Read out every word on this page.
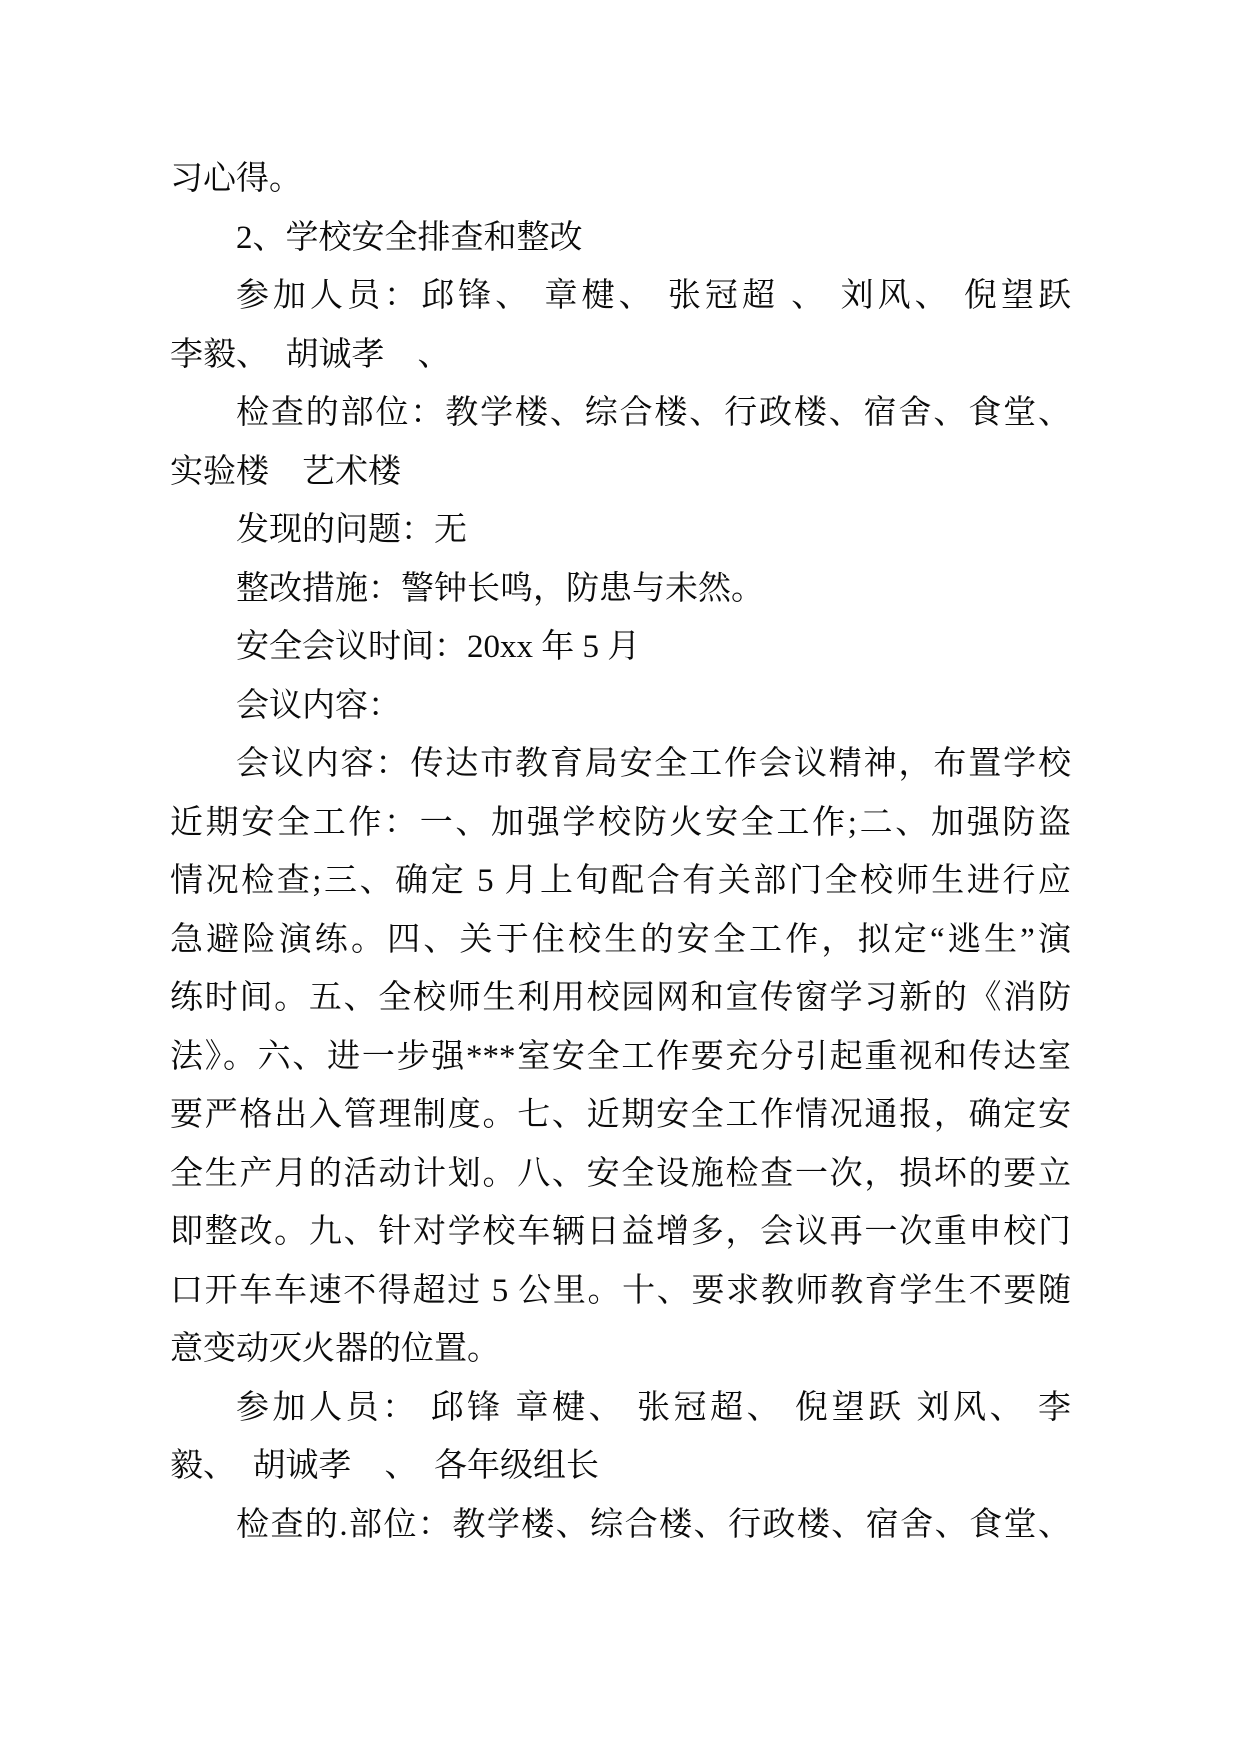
习心得。
2、学校安全排查和整改
参加人员：邱锋、 章楗、 张冠超 、 刘风、 倪望跃
李毅、　胡诚孝　、
检查的部位：教学楼、综合楼、行政楼、宿舍、食堂、
实验楼　艺术楼
发现的问题：无
整改措施：警钟长鸣，防患与未然。
安全会议时间：20xx 年 5 月
会议内容：
会议内容：传达市教育局安全工作会议精神，布置学校
近期安全工作：一、加强学校防火安全工作;二、加强防盗
情况检查;三、确定 5 月上旬配合有关部门全校师生进行应
急避险演练。四、关于住校生的安全工作，拟定“逃生”演
练时间。五、全校师生利用校园网和宣传窗学习新的《消防
法》。六、进一步强***室安全工作要充分引起重视和传达室
要严格出入管理制度。七、近期安全工作情况通报，确定安
全生产月的活动计划。八、安全设施检查一次，损坏的要立
即整改。九、针对学校车辆日益增多，会议再一次重申校门
口开车车速不得超过 5 公里。十、要求教师教育学生不要随
意变动灭火器的位置。
参加人员： 邱锋 章楗、 张冠超、 倪望跃 刘风、 李
毅、　胡诚孝　、　各年级组长
检查的.部位：教学楼、综合楼、行政楼、宿舍、食堂、
